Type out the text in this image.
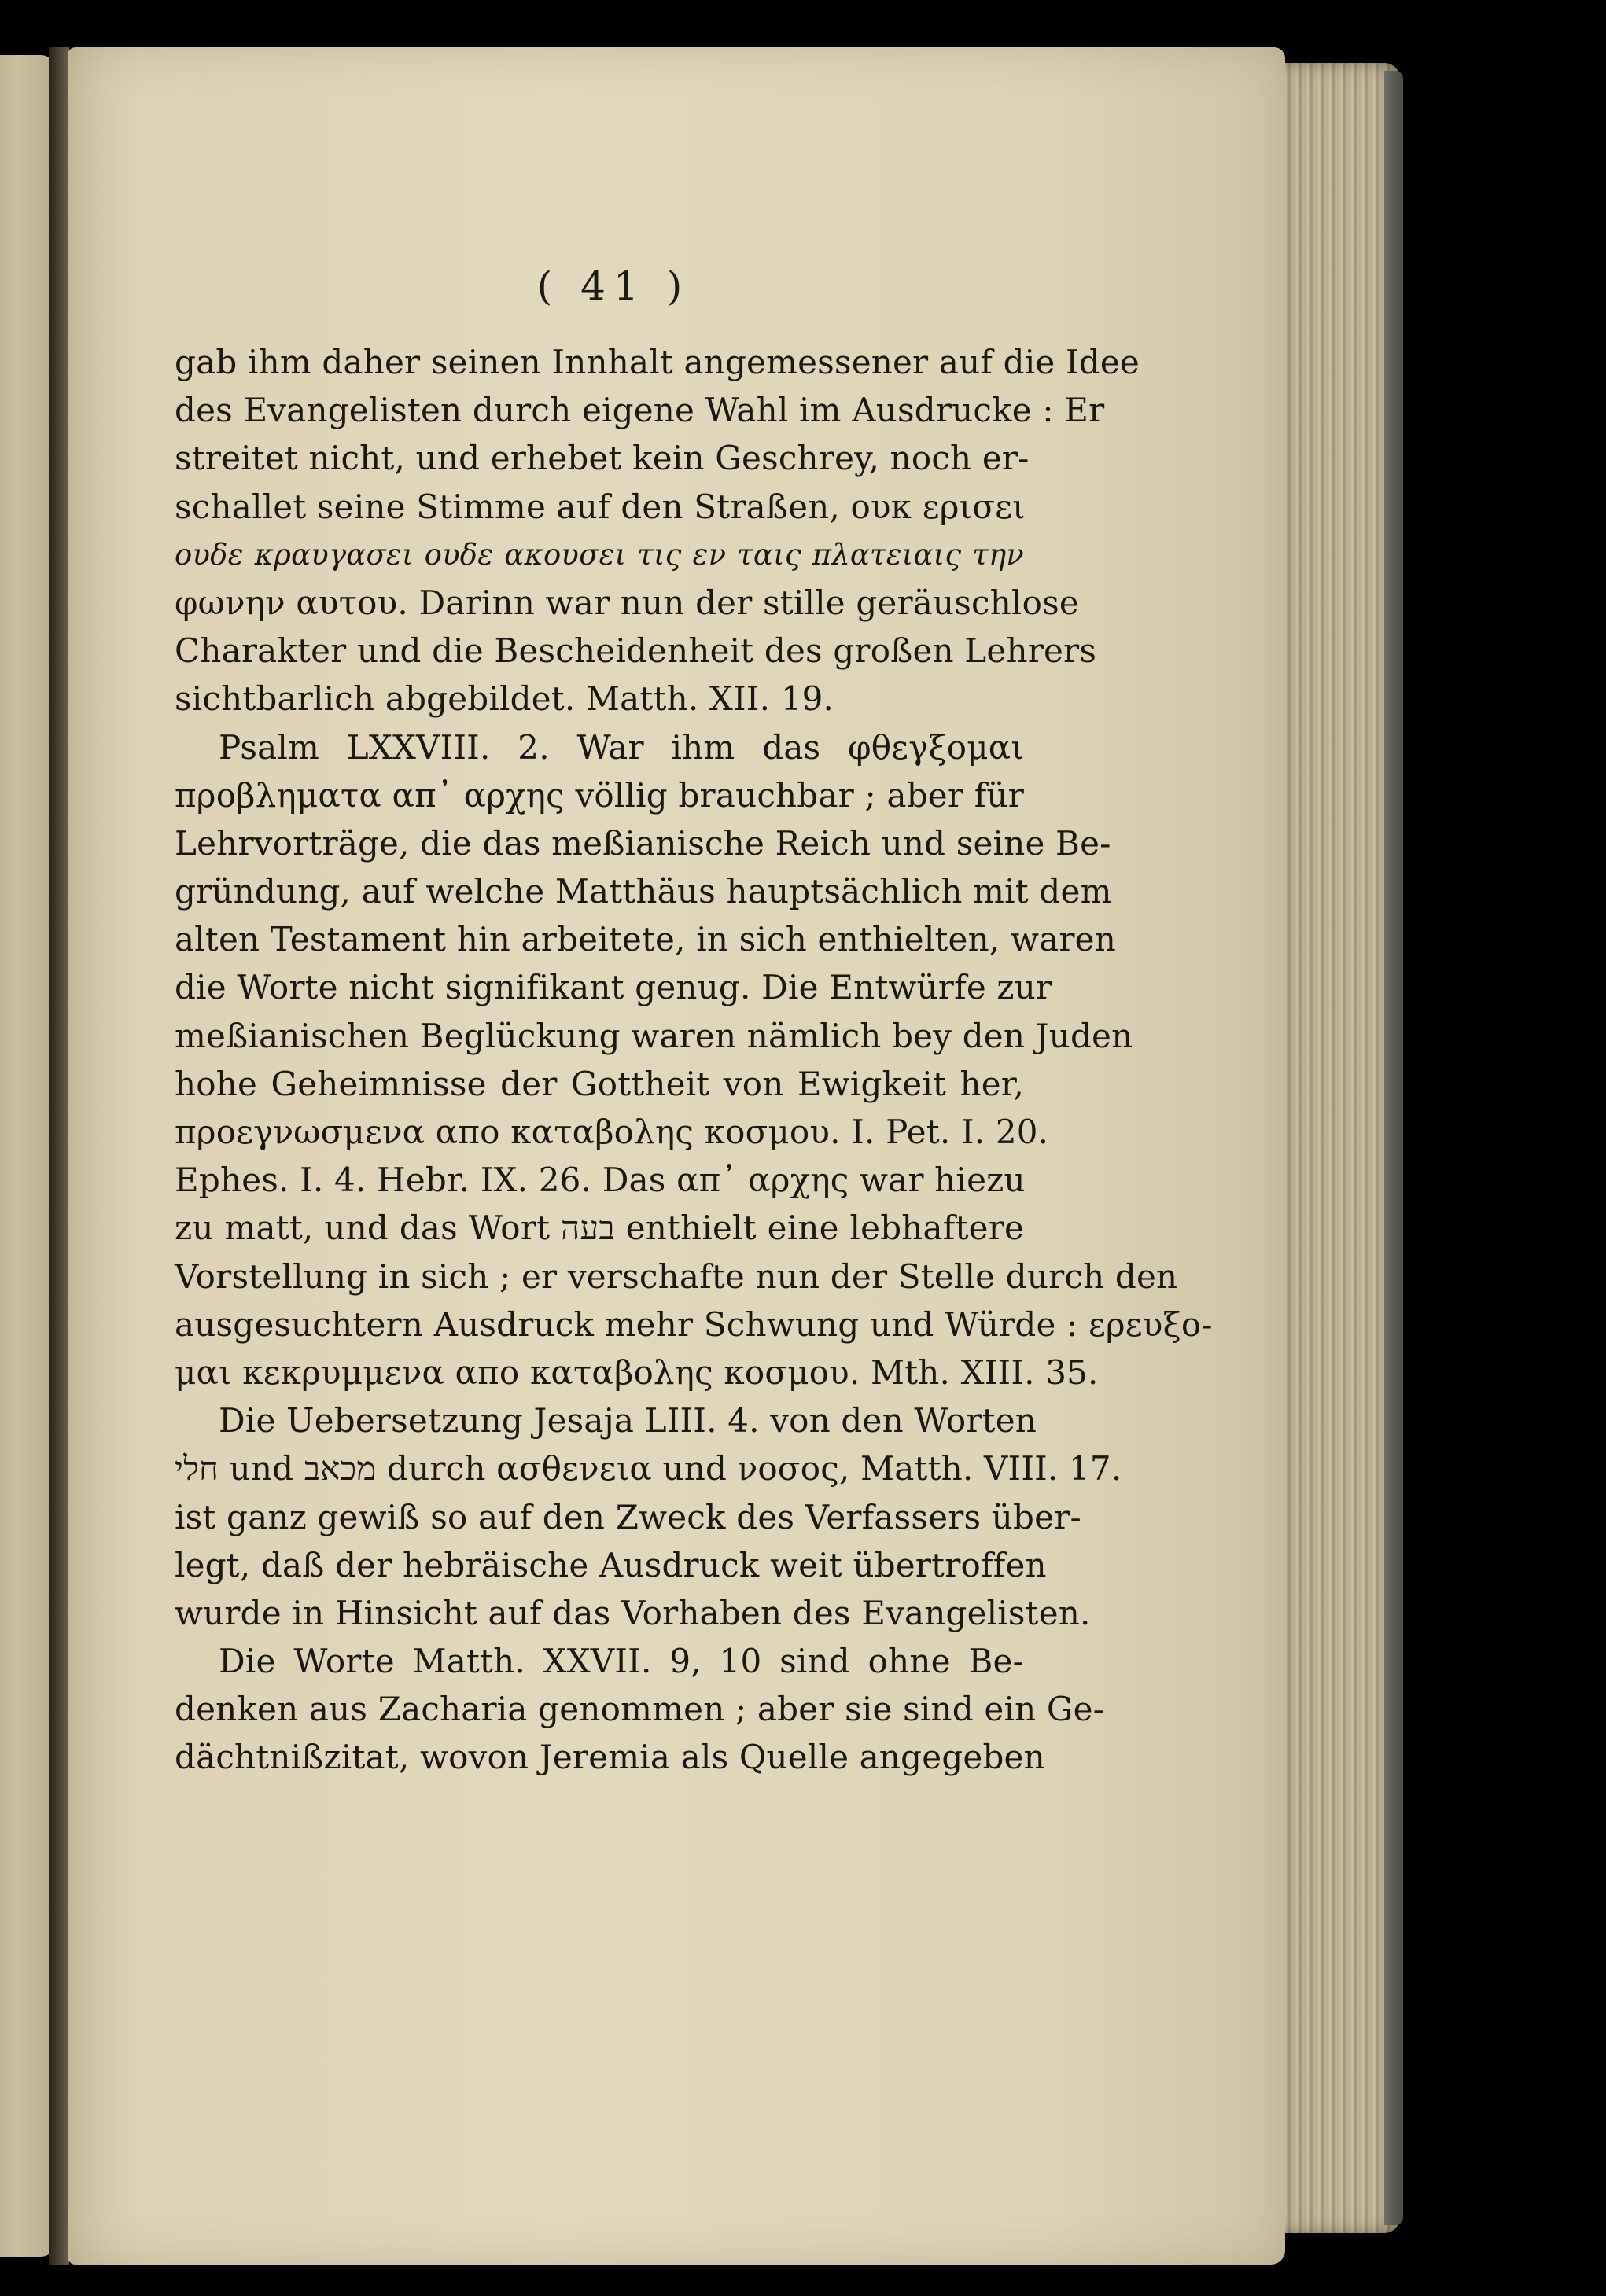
( 41 )
gab ihm daher seinen Innhalt angemessener auf die Idee
des Evangelisten durch eigene Wahl im Ausdrucke : Er
streitet nicht, und erhebet kein Geschrey, noch er-
schallet seine Stimme auf den Straßen, ουκ ερισει
ουδε κραυγασει ουδε ακουσει τις εν ταις πλατειαις την
φωνην αυτου. Darinn war nun der stille geräuschlose
Charakter und die Bescheidenheit des großen Lehrers
sichtbarlich abgebildet. Matth. XII. 19.
Psalm LXXVIII. 2. War ihm das φθεγξομαι
προβληματα απ᾽ αρχης völlig brauchbar ; aber für
Lehrvorträge, die das meßianische Reich und seine Be-
gründung, auf welche Matthäus hauptsächlich mit dem
alten Testament hin arbeitete, in sich enthielten, waren
die Worte nicht signifikant genug. Die Entwürfe zur
meßianischen Beglückung waren nämlich bey den Juden
hohe Geheimnisse der Gottheit von Ewigkeit her,
προεγνωσμενα απο καταβολης κοσμου. I. Pet. I. 20.
Ephes. I. 4. Hebr. IX. 26. Das απ᾽ αρχης war hiezu
zu matt, und das Wort בעה enthielt eine lebhaftere
Vorstellung in sich ; er verschafte nun der Stelle durch den
ausgesuchtern Ausdruck mehr Schwung und Würde : ερευξο-
μαι κεκρυμμενα απο καταβολης κοσμου. Mth. XIII. 35.
Die Uebersetzung Jesaja LIII. 4. von den Worten
חלי und מכאב durch ασθενεια und νοσος, Matth. VIII. 17.
ist ganz gewiß so auf den Zweck des Verfassers über-
legt, daß der hebräische Ausdruck weit übertroffen
wurde in Hinsicht auf das Vorhaben des Evangelisten.
Die Worte Matth. XXVII. 9, 10 sind ohne Be-
denken aus Zacharia genommen ; aber sie sind ein Ge-
dächtnißzitat, wovon Jeremia als Quelle angegeben
